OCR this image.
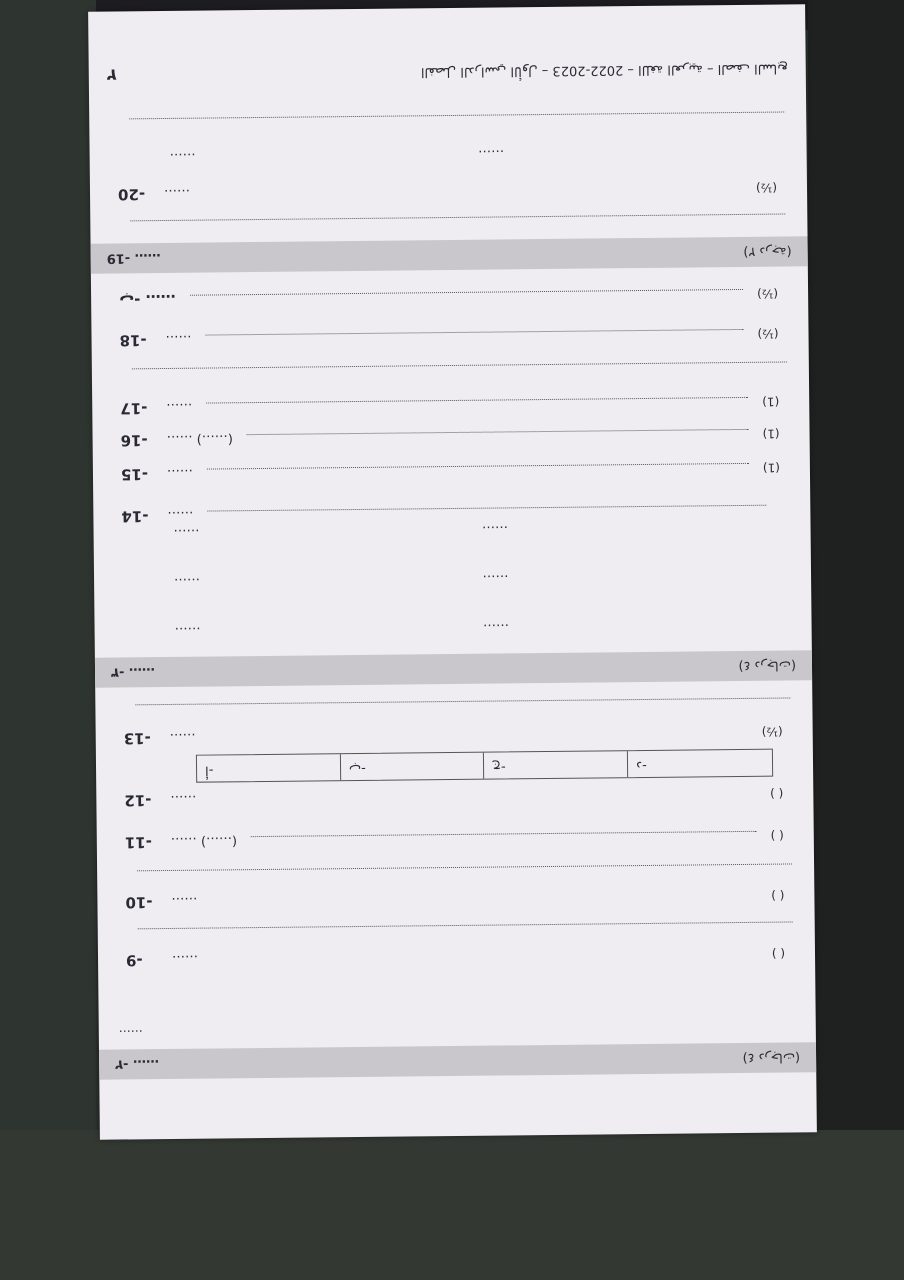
٢	الفصل الدراسي الأول – 2023-2022 – اللغة العربية – الصف السابع
٢- ……	(٤ درجات)
……
9-	……	( )
10-	……	( )
11-	…… (……)	( )
12-	……	( )
أ-	ب-	ج-	د-
13-	……	(½)
٣- ……	(٤ درجات)
……	……
……	……
……	……
14-	……
15-	……	(1)
16-	…… (……)	(1)
17-	……	(1)
18-	……	(½)
ب- ……	(½)
19- ……	(٢ درجة)
20-	……	(½)
……	……
